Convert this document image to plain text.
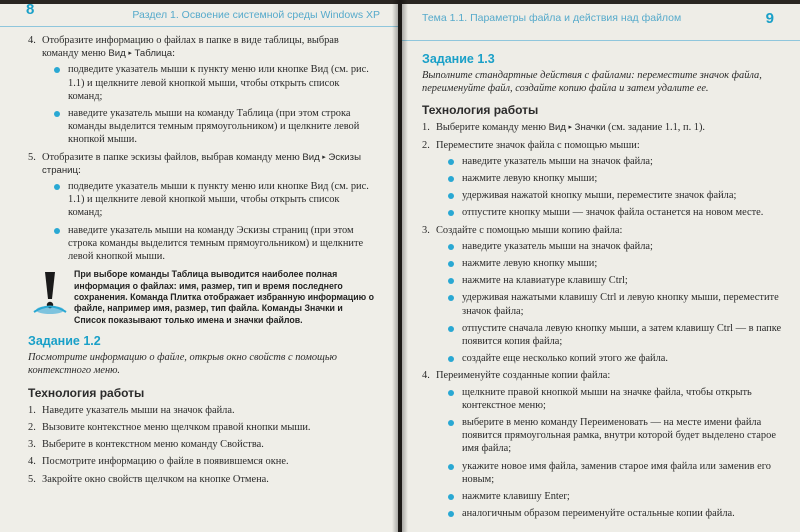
8	Раздел 1. Освоение системной среды Windows XP
4. Отобразите информацию о файлах в папке в виде таблицы, выбрав команду меню Вид ▸ Таблица:
подведите указатель мыши к пункту меню или кнопке Вид (см. рис. 1.1) и щелкните левой кнопкой мыши, чтобы открыть список команд;
наведите указатель мыши на команду Таблица (при этом строка команды выделится темным прямоугольником) и щелкните левой кнопкой мыши.
5. Отобразите в папке эскизы файлов, выбрав команду меню Вид ▸ Эскизы страниц:
подведите указатель мыши к пункту меню или кнопке Вид (см. рис. 1.1) и щелкните левой кнопкой мыши, чтобы открыть список команд;
наведите указатель мыши на команду Эскизы страниц (при этом строка команды выделится темным прямоугольником) и щелкните левой кнопкой мыши.
При выборе команды Таблица выводится наиболее полная информация о файлах: имя, размер, тип и время последнего сохранения. Команда Плитка отображает избранную информацию о файле, например имя, размер, тип файла. Команды Значки и Список показывают только имена и значки файлов.
Задание 1.2
Посмотрите информацию о файле, открыв окно свойств с помощью контекстного меню.
Технология работы
1. Наведите указатель мыши на значок файла.
2. Вызовите контекстное меню щелчком правой кнопки мыши.
3. Выберите в контекстном меню команду Свойства.
4. Посмотрите информацию о файле в появившемся окне.
5. Закройте окно свойств щелчком на кнопке Отмена.
Тема 1.1. Параметры файла и действия над файлом	9
Задание 1.3
Выполните стандартные действия с файлами: переместите значок файла, переименуйте файл, создайте копию файла и затем удалите ее.
Технология работы
1. Выберите команду меню Вид ▸ Значки (см. задание 1.1, п. 1).
2. Переместите значок файла с помощью мыши:
наведите указатель мыши на значок файла;
нажмите левую кнопку мыши;
удерживая нажатой кнопку мыши, переместите значок файла;
отпустите кнопку мыши — значок файла останется на новом месте.
3. Создайте с помощью мыши копию файла:
наведите указатель мыши на значок файла;
нажмите левую кнопку мыши;
нажмите на клавиатуре клавишу Ctrl;
удерживая нажатыми клавишу Ctrl и левую кнопку мыши, переместите значок файла;
отпустите сначала левую кнопку мыши, а затем клавишу Ctrl — в папке появится копия файла;
создайте еще несколько копий этого же файла.
4. Переименуйте созданные копии файла:
щелкните правой кнопкой мыши на значке файла, чтобы открыть контекстное меню;
выберите в меню команду Переименовать — на месте имени файла появится прямоугольная рамка, внутри которой будет выделено старое имя файла;
укажите новое имя файла, заменив старое имя файла или заменив его новым;
нажмите клавишу Enter;
аналогичным образом переименуйте остальные копии файла.
